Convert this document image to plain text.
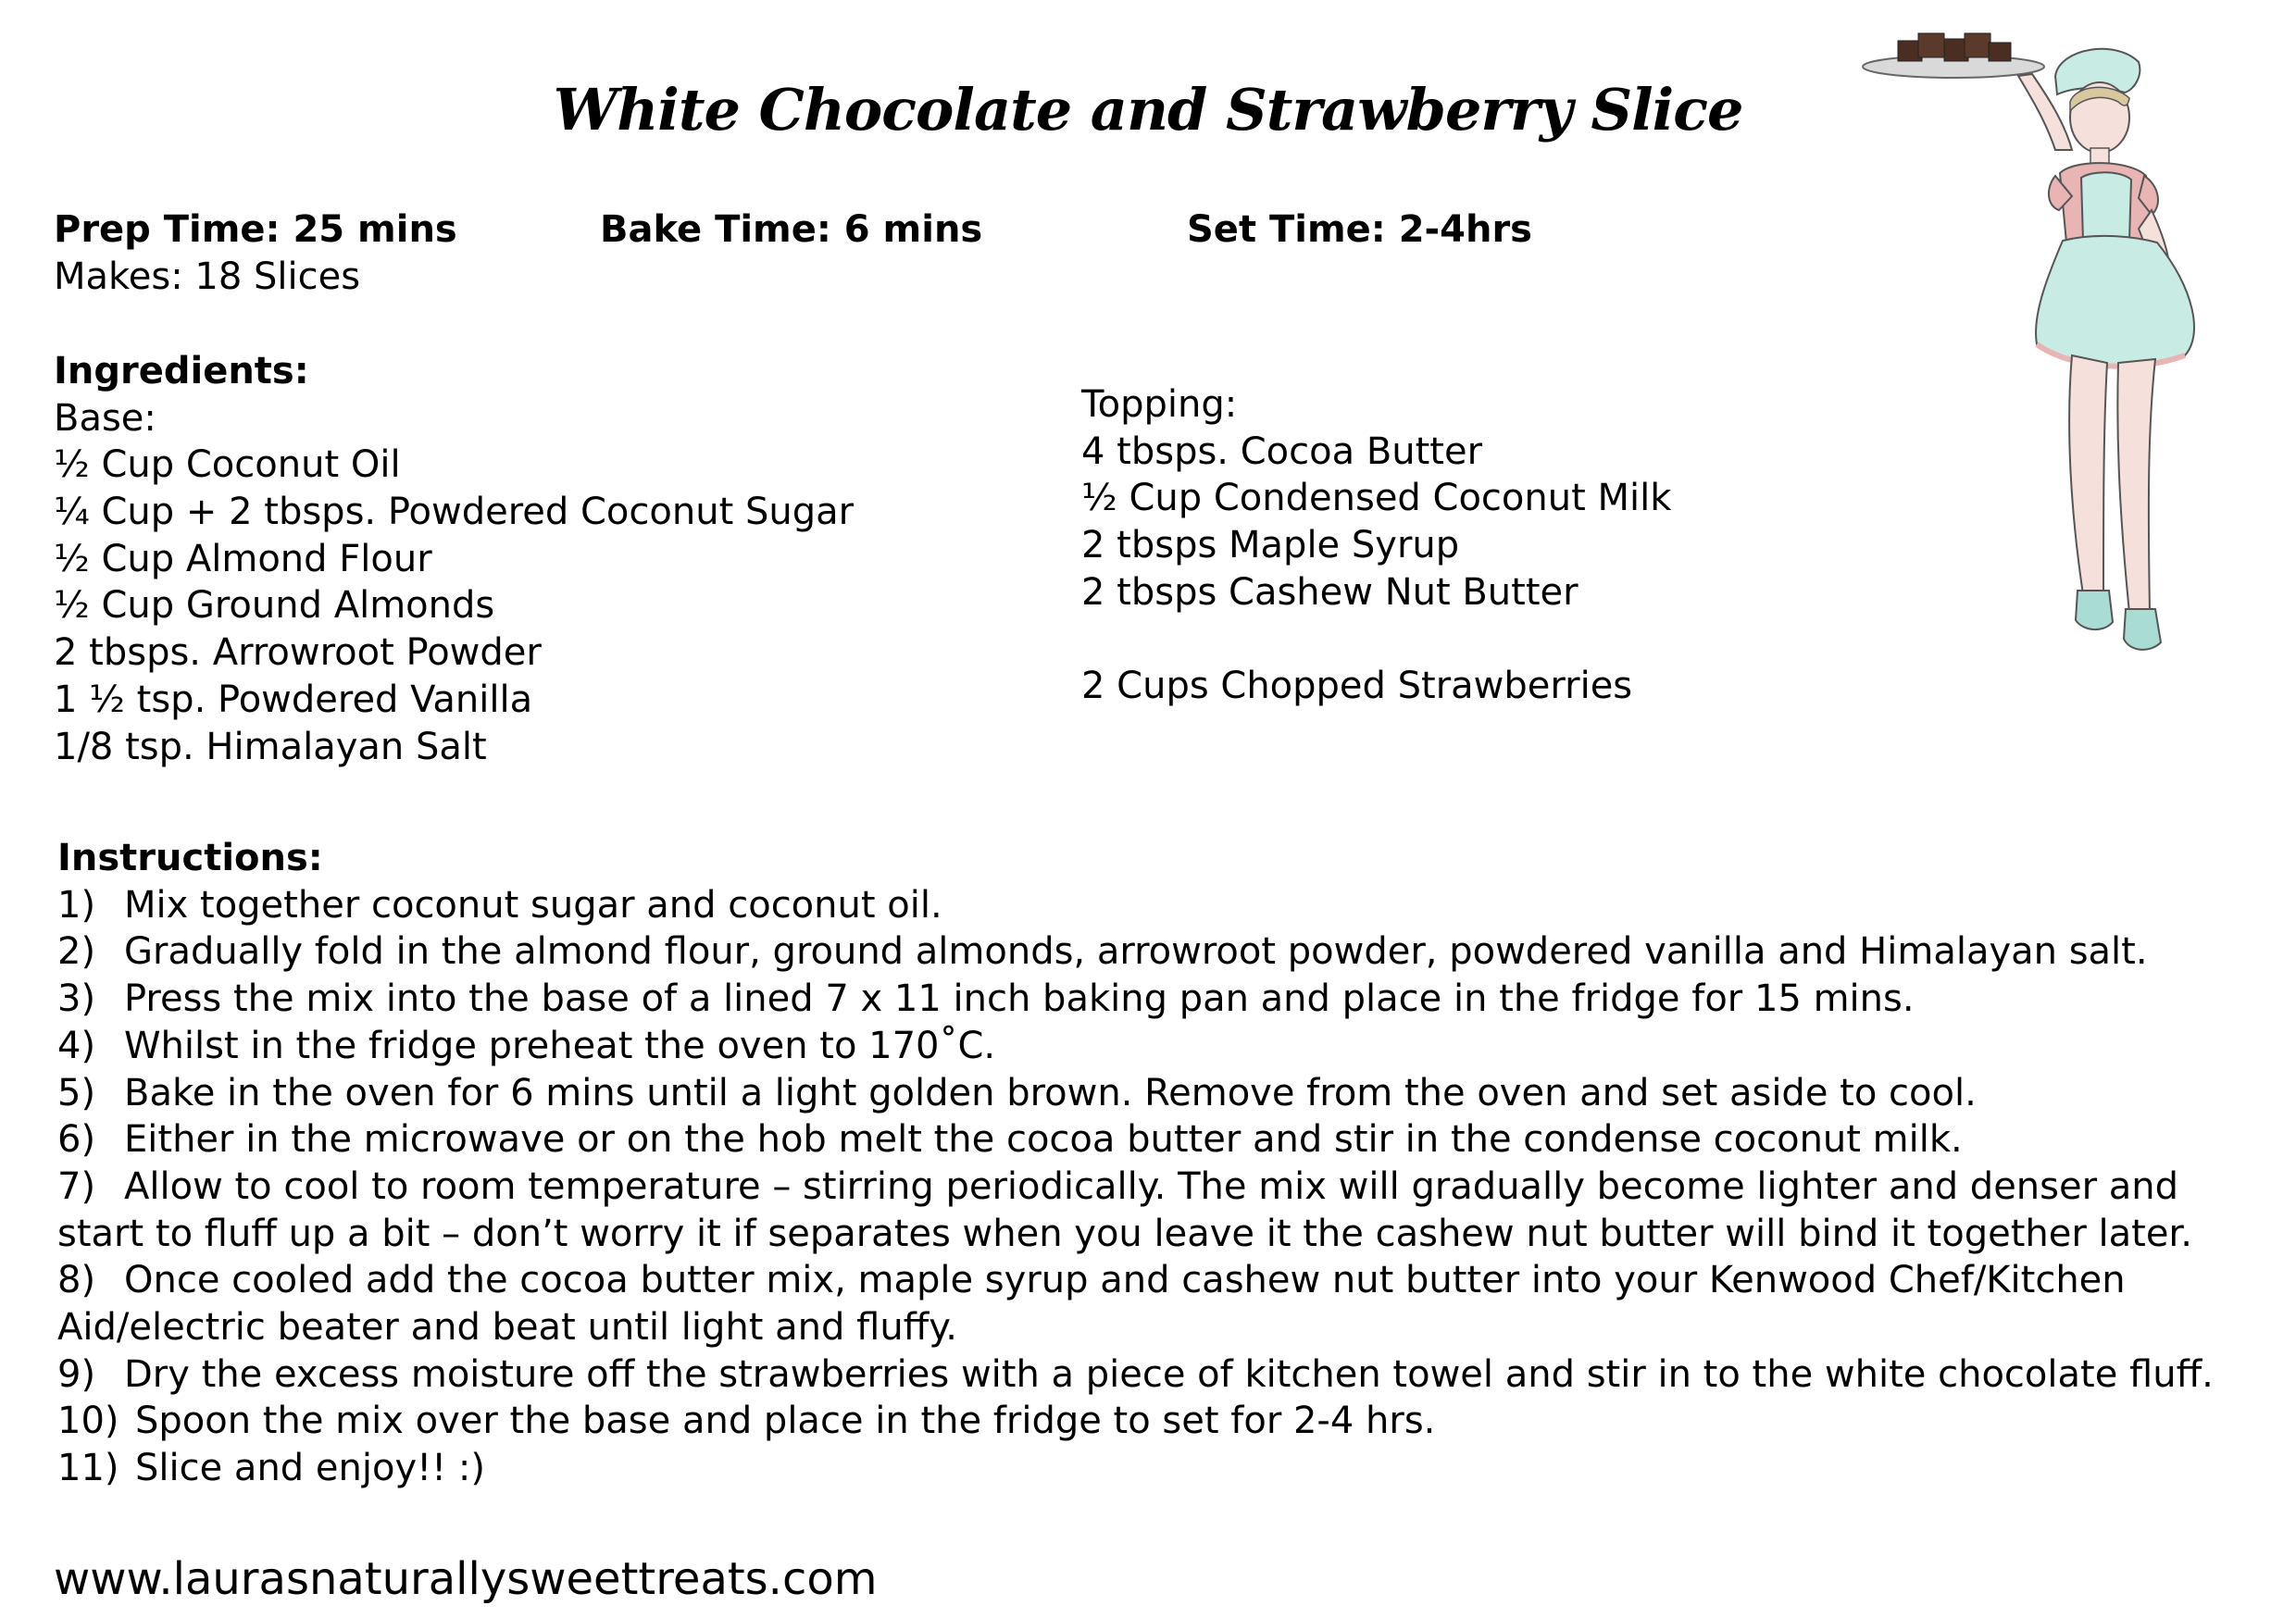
White Chocolate and Strawberry Slice
Prep Time: 25 mins	Bake Time: 6 mins	Set Time: 2-4hrs
Makes: 18 Slices
Ingredients:
Base:
½ Cup Coconut Oil
¼ Cup + 2 tbsps. Powdered Coconut Sugar
½ Cup Almond Flour
½ Cup Ground Almonds
2 tbsps. Arrowroot Powder
1 ½ tsp. Powdered Vanilla
1/8 tsp. Himalayan Salt
Topping:
4 tbsps. Cocoa Butter
½ Cup Condensed Coconut Milk
2 tbsps Maple Syrup
2 tbsps Cashew Nut Butter
2 Cups Chopped Strawberries
Instructions:
1) Mix together coconut sugar and coconut oil.
2) Gradually fold in the almond flour, ground almonds, arrowroot powder, powdered vanilla and Himalayan salt.
3) Press the mix into the base of a lined 7 x 11 inch baking pan and place in the fridge for 15 mins.
4) Whilst in the fridge preheat the oven to 170˚C.
5) Bake in the oven for 6 mins until a light golden brown. Remove from the oven and set aside to cool.
6) Either in the microwave or on the hob melt the cocoa butter and stir in the condense coconut milk.
7) Allow to cool to room temperature – stirring periodically. The mix will gradually become lighter and denser and start to fluff up a bit – don’t worry it if separates when you leave it the cashew nut butter will bind it together later.
8) Once cooled add the cocoa butter mix, maple syrup and cashew nut butter into your Kenwood Chef/Kitchen Aid/electric beater and beat until light and fluffy.
9) Dry the excess moisture off the strawberries with a piece of kitchen towel and stir in to the white chocolate fluff.
10) Spoon the mix over the base and place in the fridge to set for 2-4 hrs.
11) Slice and enjoy!! :)
www.laurasnaturallysweettreats.com
